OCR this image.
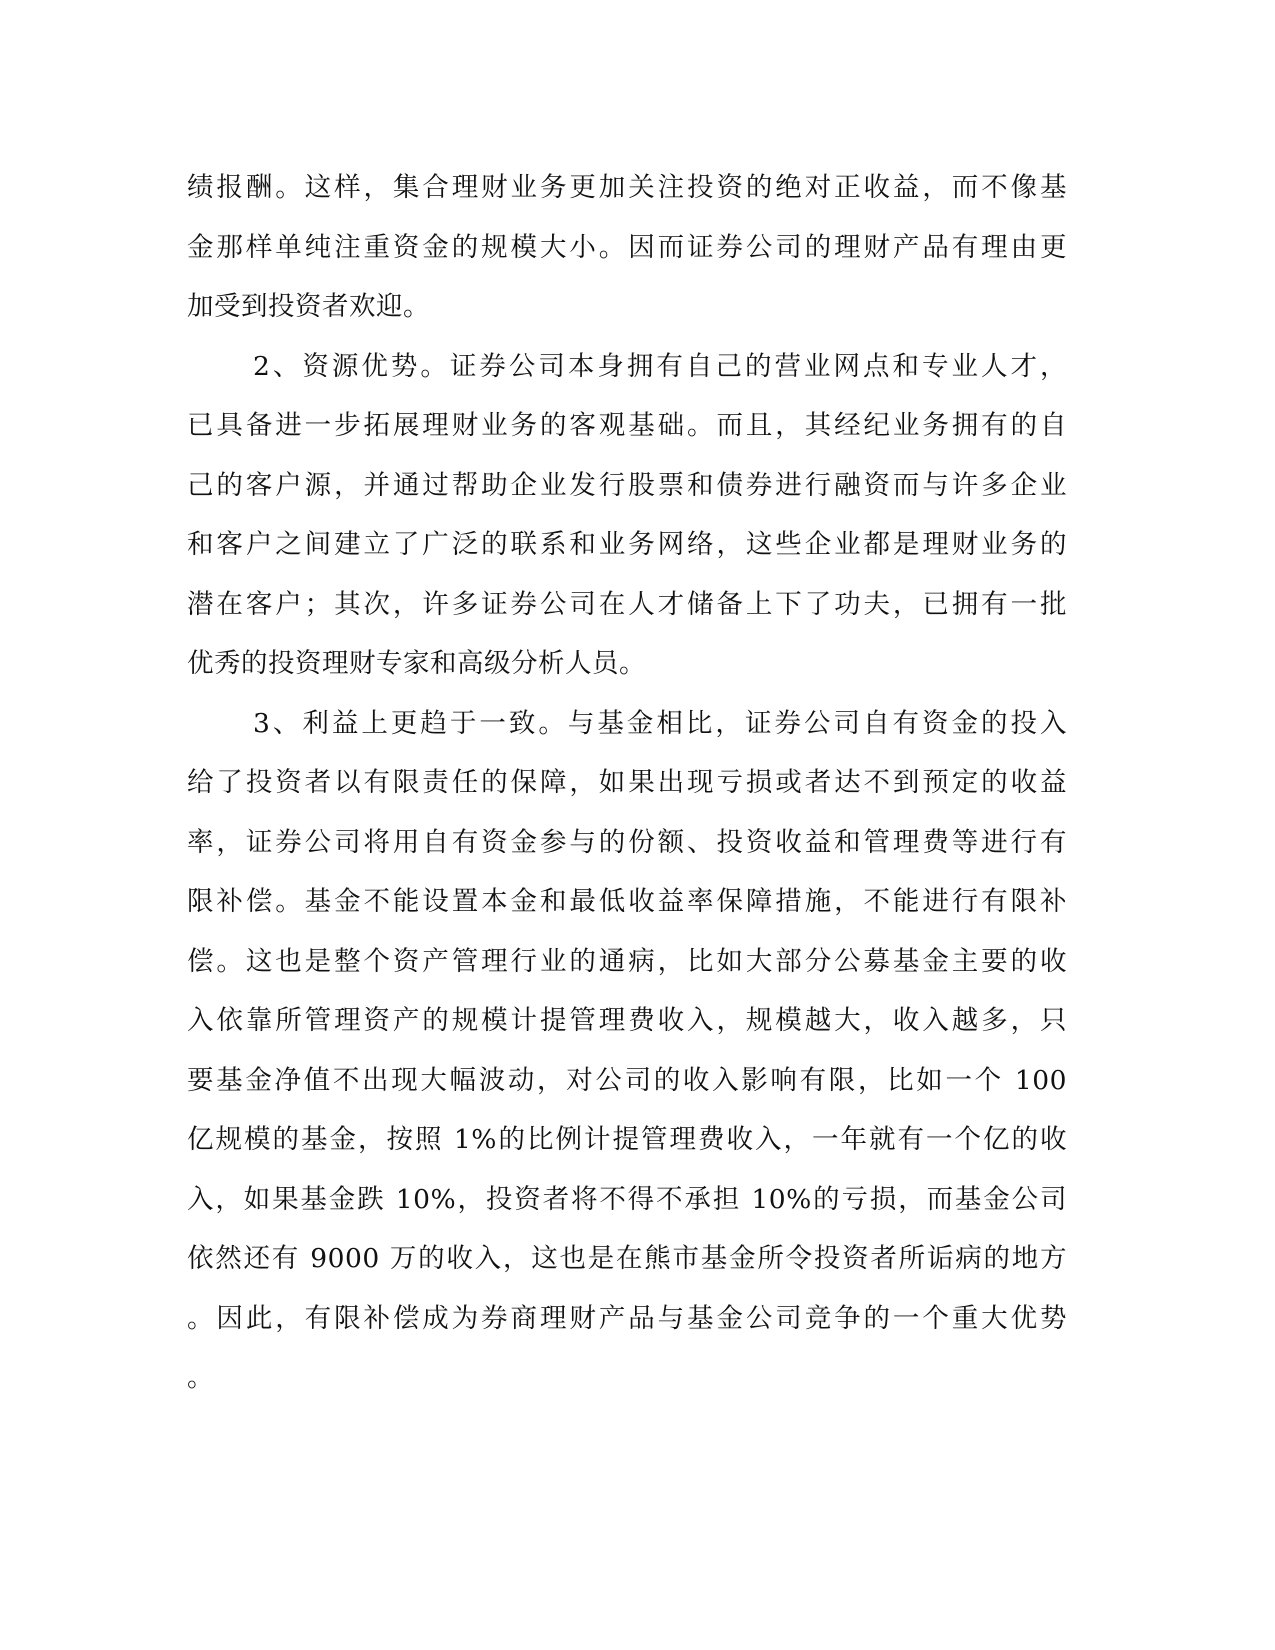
绩报酬。这样，集合理财业务更加关注投资的绝对正收益，而不像基
金那样单纯注重资金的规模大小。因而证券公司的理财产品有理由更
加受到投资者欢迎。
2、资源优势。证券公司本身拥有自己的营业网点和专业人才，
已具备进一步拓展理财业务的客观基础。而且，其经纪业务拥有的自
己的客户源，并通过帮助企业发行股票和债券进行融资而与许多企业
和客户之间建立了广泛的联系和业务网络，这些企业都是理财业务的
潜在客户；其次，许多证券公司在人才储备上下了功夫，已拥有一批
优秀的投资理财专家和高级分析人员。
3、利益上更趋于一致。与基金相比，证券公司自有资金的投入
给了投资者以有限责任的保障，如果出现亏损或者达不到预定的收益
率，证券公司将用自有资金参与的份额、投资收益和管理费等进行有
限补偿。基金不能设置本金和最低收益率保障措施，不能进行有限补
偿。这也是整个资产管理行业的通病，比如大部分公募基金主要的收
入依靠所管理资产的规模计提管理费收入，规模越大，收入越多，只
要基金净值不出现大幅波动，对公司的收入影响有限，比如一个 100
亿规模的基金，按照 1%的比例计提管理费收入，一年就有一个亿的收
入，如果基金跌 10%，投资者将不得不承担 10%的亏损，而基金公司
依然还有 9000 万的收入，这也是在熊市基金所令投资者所诟病的地方
。因此，有限补偿成为券商理财产品与基金公司竞争的一个重大优势
。
